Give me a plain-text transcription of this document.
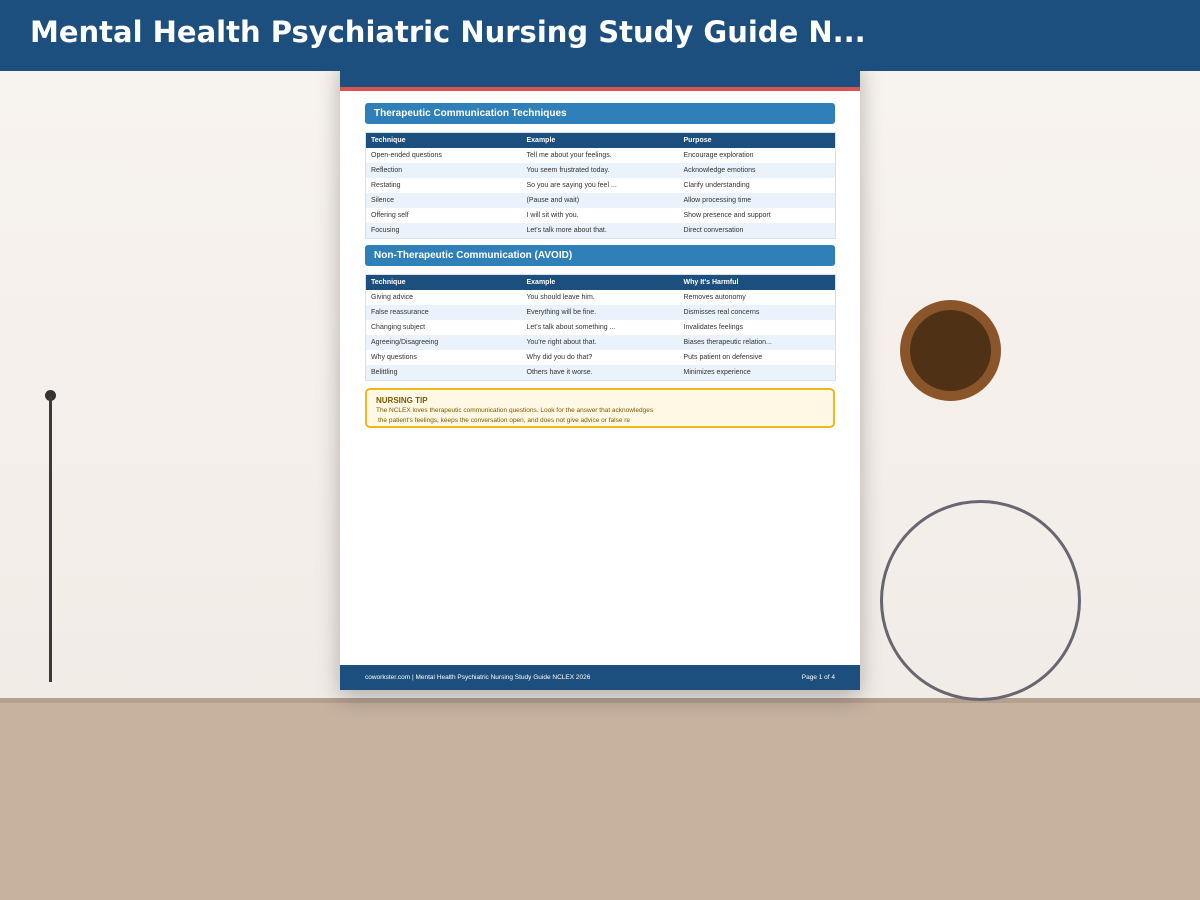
Mental Health Psychiatric Nursing Study Guide N...
Therapeutic Communication Techniques
Technique	Example	Purpose
Open-ended questions	Tell me about your feelings.	Encourage exploration
Reflection	You seem frustrated today.	Acknowledge emotions
Restating	So you are saying you feel ...	Clarify understanding
Silence	(Pause and wait)	Allow processing time
Offering self	I will sit with you.	Show presence and support
Focusing	Let's talk more about that.	Direct conversation
Non-Therapeutic Communication (AVOID)
Technique	Example	Why It's Harmful
Giving advice	You should leave him.	Removes autonomy
False reassurance	Everything will be fine.	Dismisses real concerns
Changing subject	Let's talk about something ...	Invalidates feelings
Agreeing/Disagreeing	You're right about that.	Biases therapeutic relation...
Why questions	Why did you do that?	Puts patient on defensive
Belittling	Others have it worse.	Minimizes experience
NURSING TIP
The NCLEX loves therapeutic communication questions. Look for the answer that acknowledges
the patient's feelings, keeps the conversation open, and does not give advice or false re
coworkster.com | Mental Health Psychiatric Nursing Study Guide NCLEX 2026	Page 1 of 4
